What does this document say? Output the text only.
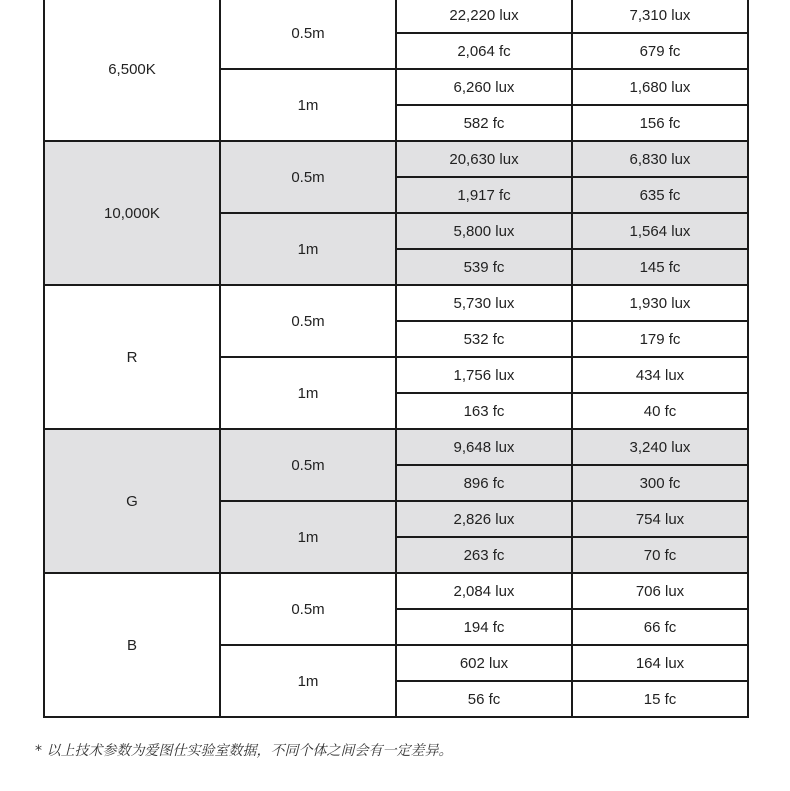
6,500K	0.5m	22,220 lux	7,310 lux
		2,064 fc	679 fc
	1m	6,260 lux	1,680 lux
		582 fc	156 fc
10,000K	0.5m	20,630 lux	6,830 lux
		1,917 fc	635 fc
	1m	5,800 lux	1,564 lux
		539 fc	145 fc
R	0.5m	5,730 lux	1,930 lux
		532 fc	179 fc
	1m	1,756 lux	434 lux
		163 fc	40 fc
G	0.5m	9,648 lux	3,240 lux
		896 fc	300 fc
	1m	2,826 lux	754 lux
		263 fc	70 fc
B	0.5m	2,084 lux	706 lux
		194 fc	66 fc
	1m	602 lux	164 lux
		56 fc	15 fc
* 以上技术参数为爱图仕实验室数据，不同个体之间会有一定差异。
